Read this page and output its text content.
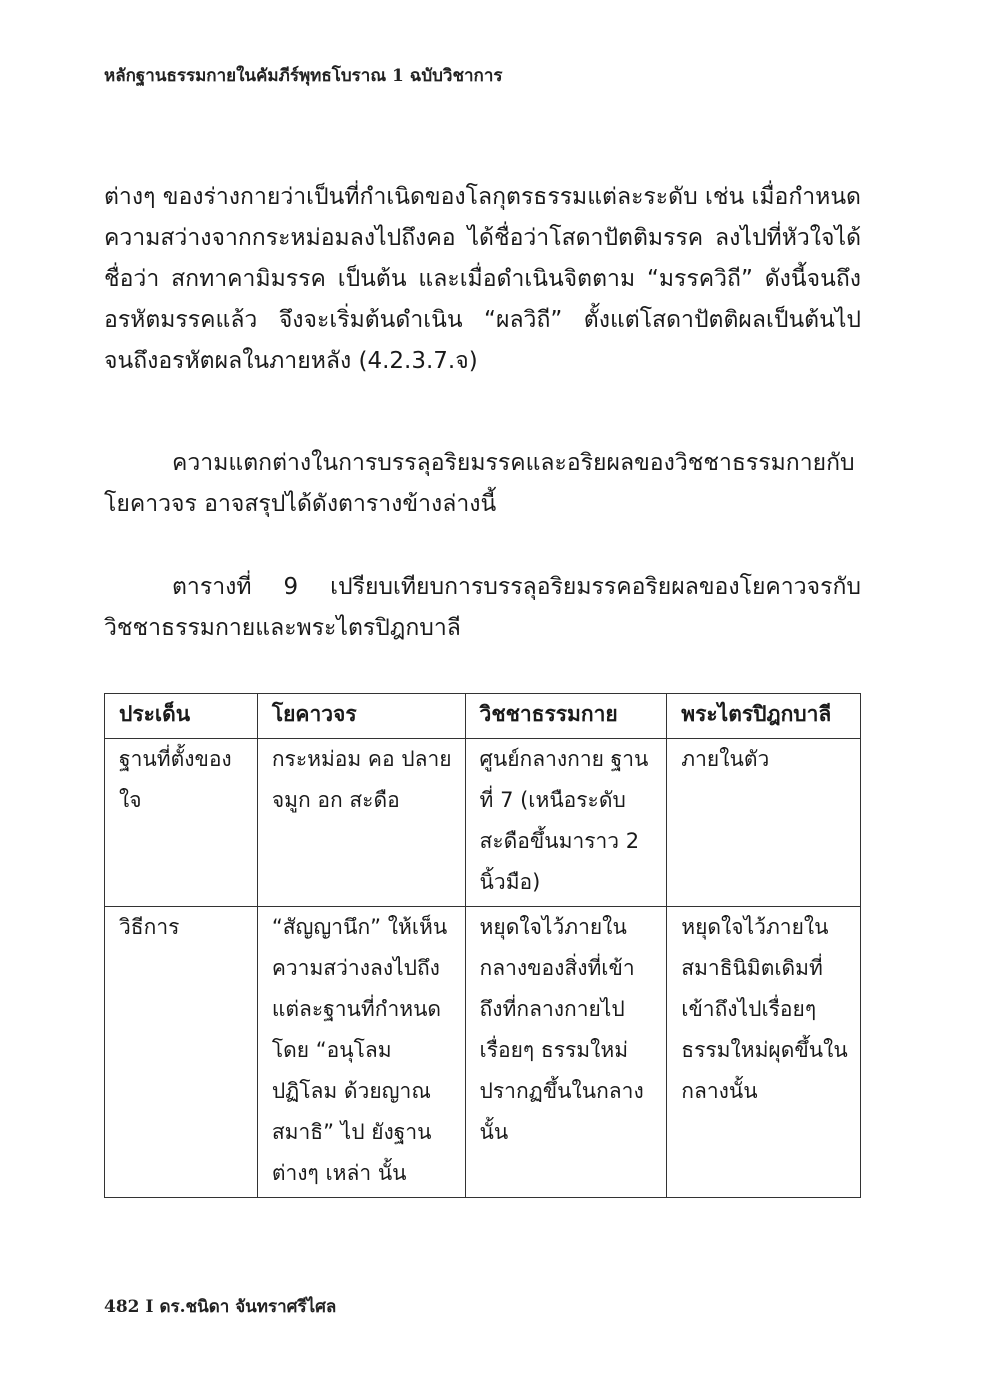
หลักฐานธรรมกายในคัมภีร์พุทธโบราณ 1 ฉบับวิชาการ

ต่างๆ ของร่างกายว่าเป็นที่กำเนิดของโลกุตรธรรมแต่ละระดับ เช่น เมื่อกำหนดความสว่างจากกระหม่อมลงไปถึงคอ ได้ชื่อว่าโสดาปัตติมรรค ลงไปที่หัวใจได้ชื่อว่า สกทาคามิมรรค เป็นต้น และเมื่อดำเนินจิตตาม “มรรควิถี” ดังนี้จนถึงอรหัตมรรคแล้ว จึงจะเริ่มต้นดำเนิน “ผลวิถี” ตั้งแต่โสดาปัตติผลเป็นต้นไปจนถึงอรหัตผลในภายหลัง (4.2.3.7.จ)

ความแตกต่างในการบรรลุอริยมรรคและอริยผลของวิชชาธรรมกายกับโยคาวจร อาจสรุปได้ดังตารางข้างล่างนี้

ตารางที่ 9 เปรียบเทียบการบรรลุอริยมรรคอริยผลของโยคาวจรกับวิชชาธรรมกายและพระไตรปิฎกบาลี

ประเด็น	โยคาวจร	วิชชาธรรมกาย	พระไตรปิฎกบาลี
ฐานที่ตั้งของใจ	กระหม่อม คอ ปลาย จมูก อก สะดือ	ศูนย์กลางกาย ฐาน ที่ 7 (เหนือระดับ สะดือขึ้นมาราว 2 นิ้วมือ)	ภายในตัว
วิธีการ	“สัญญานึก” ให้เห็น ความสว่างลงไปถึง แต่ละฐานที่กำหนด โดย “อนุโลมปฏิโลม ด้วยญาณสมาธิ” ไป ยังฐานต่างๆ เหล่า นั้น	หยุดใจไว้ภายใน กลางของสิ่งที่เข้า ถึงที่กลางกายไป เรื่อยๆ ธรรมใหม่ ปรากฏขึ้นในกลาง นั้น	หยุดใจไว้ภายใน สมาธินิมิตเดิมที่ เข้าถึงไปเรื่อยๆ ธรรมใหม่ผุดขึ้นใน กลางนั้น
482 I ดร.ชนิดา จันทราศรีไศล
